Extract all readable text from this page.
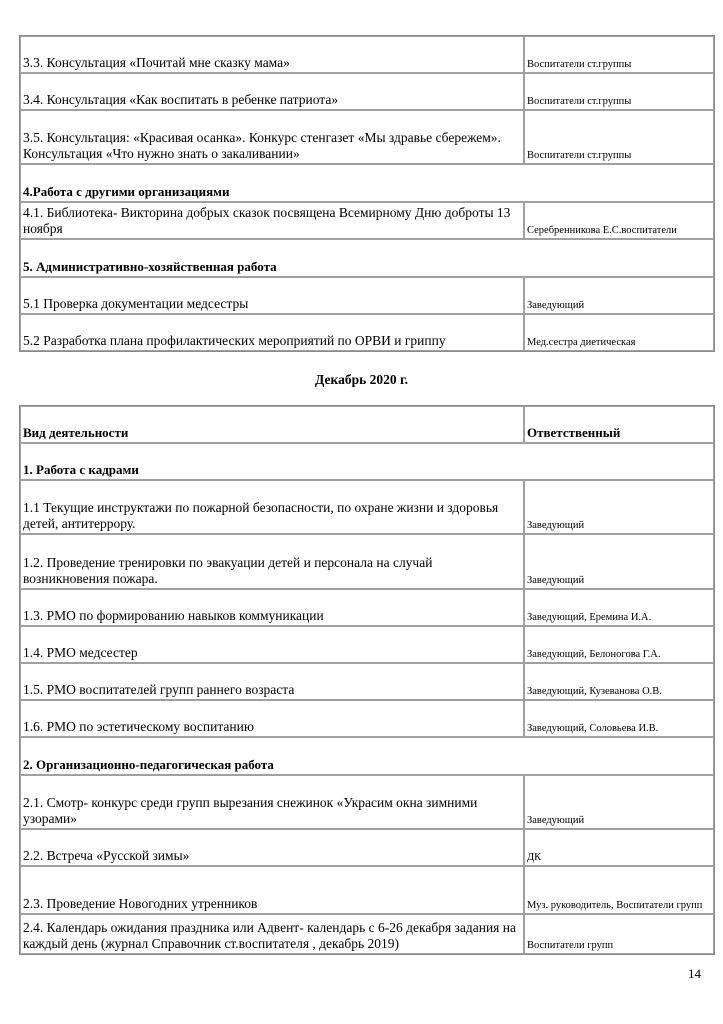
3.3. Консультация «Почитай мне сказку мама»	Воспитатели ст.группы
3.4. Консультация «Как воспитать в ребенке патриота»	Воспитатели ст.группы
3.5. Консультация: «Красивая осанка». Конкурс стенгазет «Мы здравье сбережем». Консультация «Что нужно знать о закаливании»	Воспитатели ст.группы
4.Работа с другими организациями	
4.1. Библиотека- Викторина добрых сказок посвящена Всемирному Дню доброты 13 ноября	Серебренникова Е.С.воспитатели
5. Административно-хозяйственная работа	
5.1 Проверка документации медсестры	Заведующий
5.2 Разработка плана профилактических мероприятий по ОРВИ и гриппу	Мед.сестра диетическая
Декабрь 2020 г.
Вид деятельности	Ответственный
1. Работа с кадрами	
1.1 Текущие инструктажи по пожарной безопасности, по охране жизни и здоровья детей, антитеррору.	Заведующий
1.2. Проведение тренировки по эвакуации детей и персонала на случай возникновения пожара.	Заведующий
1.3. РМО по формированию навыков коммуникации	Заведующий, Еремина И.А.
1.4. РМО медсестер	Заведующий, Белоногова Г.А.
1.5. РМО воспитателей групп раннего возраста	Заведующий, Кузеванова О.В.
1.6. РМО по эстетическому воспитанию	Заведующий, Соловьева И.В.
2. Организационно-педагогическая работа	
2.1. Смотр- конкурс среди групп вырезания снежинок «Украсим окна зимними узорами»	Заведующий
2.2. Встреча «Русской зимы»	ДК
2.3. Проведение Новогодних утренников	Муз. руководитель, Воспитатели групп
2.4. Календарь ожидания праздника или Адвент- календарь с 6-26 декабря задания на каждый день (журнал Справочник ст.воспитателя , декабрь 2019)	Воспитатели групп
14
